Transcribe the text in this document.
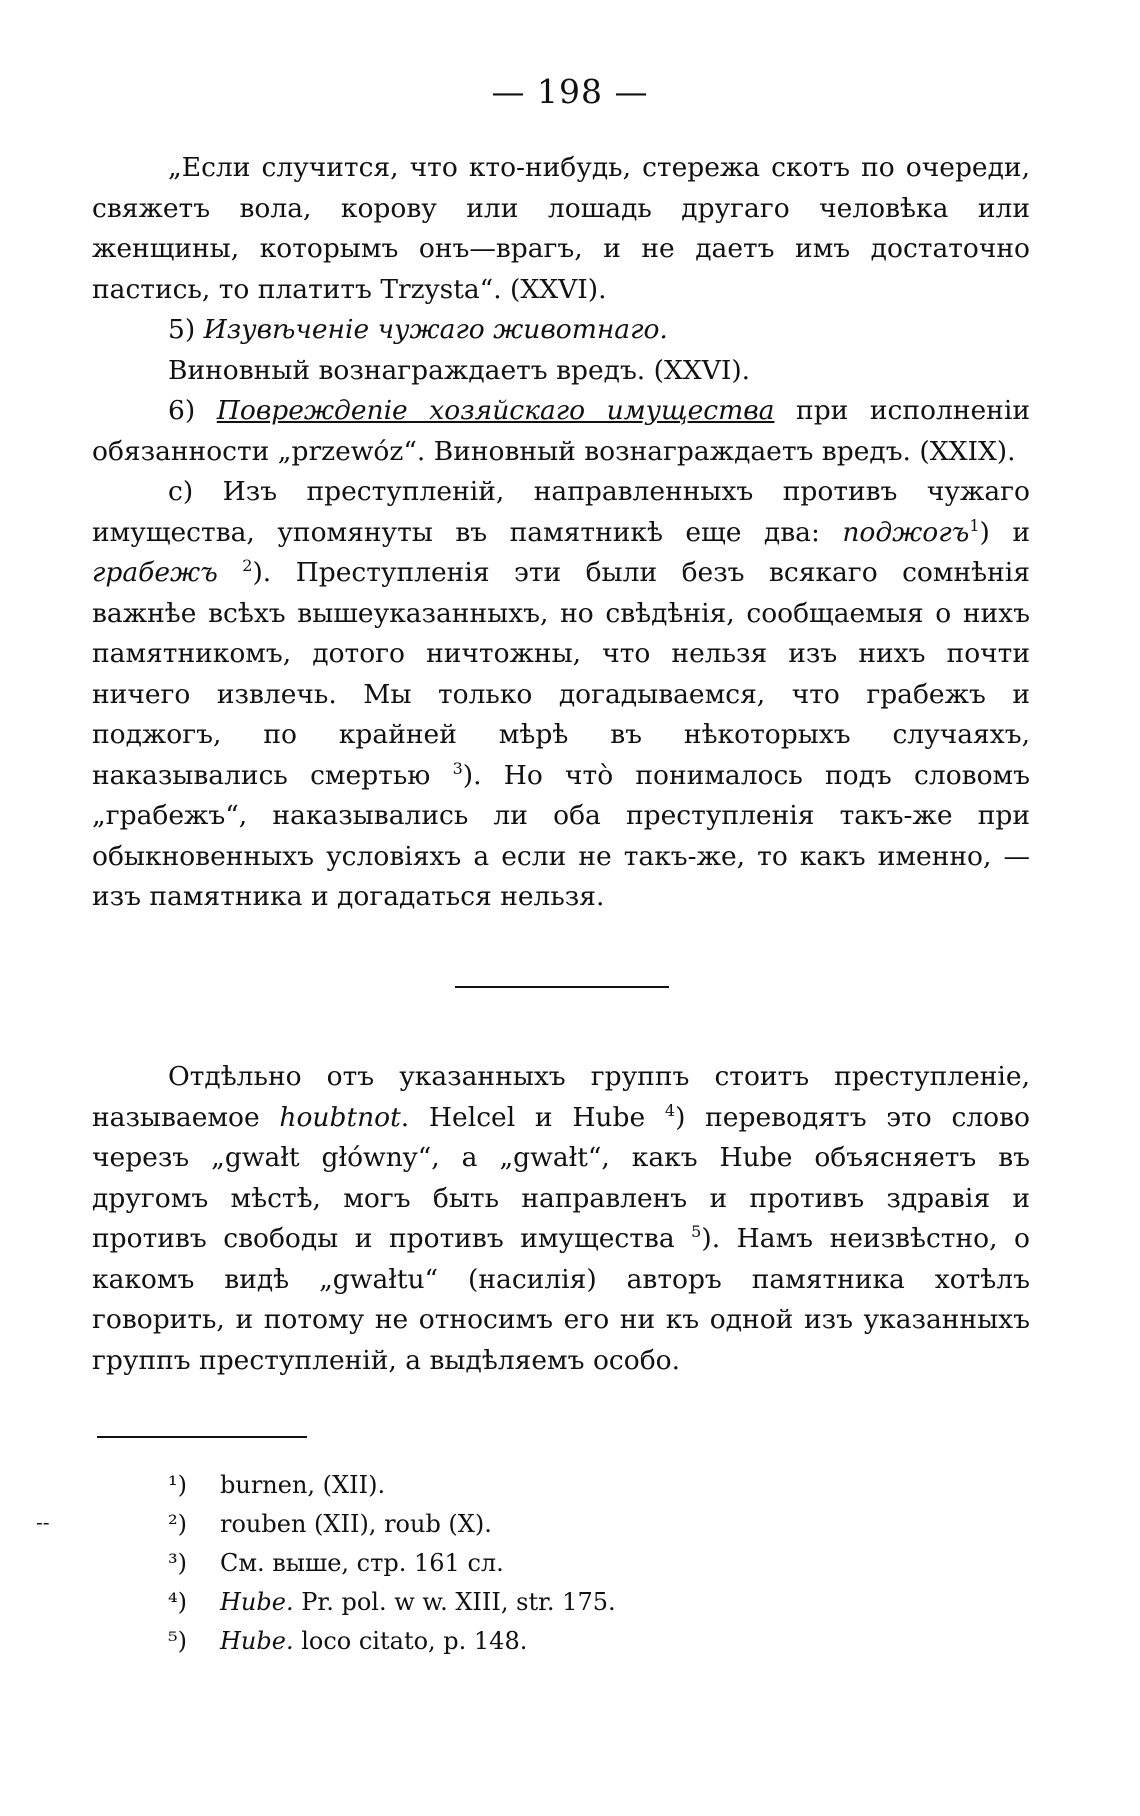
— 198 —

„Если случится, что кто-нибудь, стережа скотъ по очереди, свяжетъ вола, корову или лошадь другаго человѣка или женщины, которымъ онъ—врагъ, и не даетъ имъ достаточно пастись, то платитъ Trzysta“. (XXVI).

5) Изувѣченіе чужаго животнаго.

Виновный вознаграждаетъ вредъ. (XXVI).

6) Повреждепіе хозяйскаго имущества при исполненіи обязанности „przewóz“. Виновный вознаграждаетъ вредъ. (XXIX).

с) Изъ преступленій, направленныхъ противъ чужаго имущества, упомянуты въ памятникѣ еще два: поджогъ$^1$) и грабежъ $^2$). Преступленія эти были безъ всякаго сомнѣнія важнѣе всѣхъ вышеуказанныхъ, но свѣдѣнія, сообщаемыя о нихъ памятникомъ, дотого ничтожны, что нельзя изъ нихъ почти ничего извлечь. Мы только догадываемся, что грабежъ и поджогъ, по крайней мѣрѣ въ нѣкоторыхъ случаяхъ, наказывались смертью $^3$). Но что̀ понималось подъ словомъ „грабежъ“, наказывались ли оба преступленія такъ-же при обыкновенныхъ условіяхъ а если не такъ-же, то какъ именно, — изъ памятника и догадаться нельзя.

Отдѣльно отъ указанныхъ группъ стоитъ преступленіе, называемое houbtnot. Helcel и Hube $^4$) переводятъ это слово черезъ „gwałt główny“, а „gwałt“, какъ Hube объясняетъ въ другомъ мѣстѣ, могъ быть направленъ и противъ здравія и противъ свободы и противъ имущества $^5$). Намъ неизвѣстно, о какомъ видѣ „gwałtu“ (насилія) авторъ памятника хотѣлъ говорить, и потому не относимъ его ни къ одной изъ указанныхъ группъ преступленій, а выдѣляемъ особо.

--
¹) burnen, (XII).
²) rouben (XII), roub (X).
³) См. выше, стр. 161 сл.
⁴) Hube. Pr. pol. w w. XIII, str. 175.
⁵) Hube. loco citato, p. 148.
